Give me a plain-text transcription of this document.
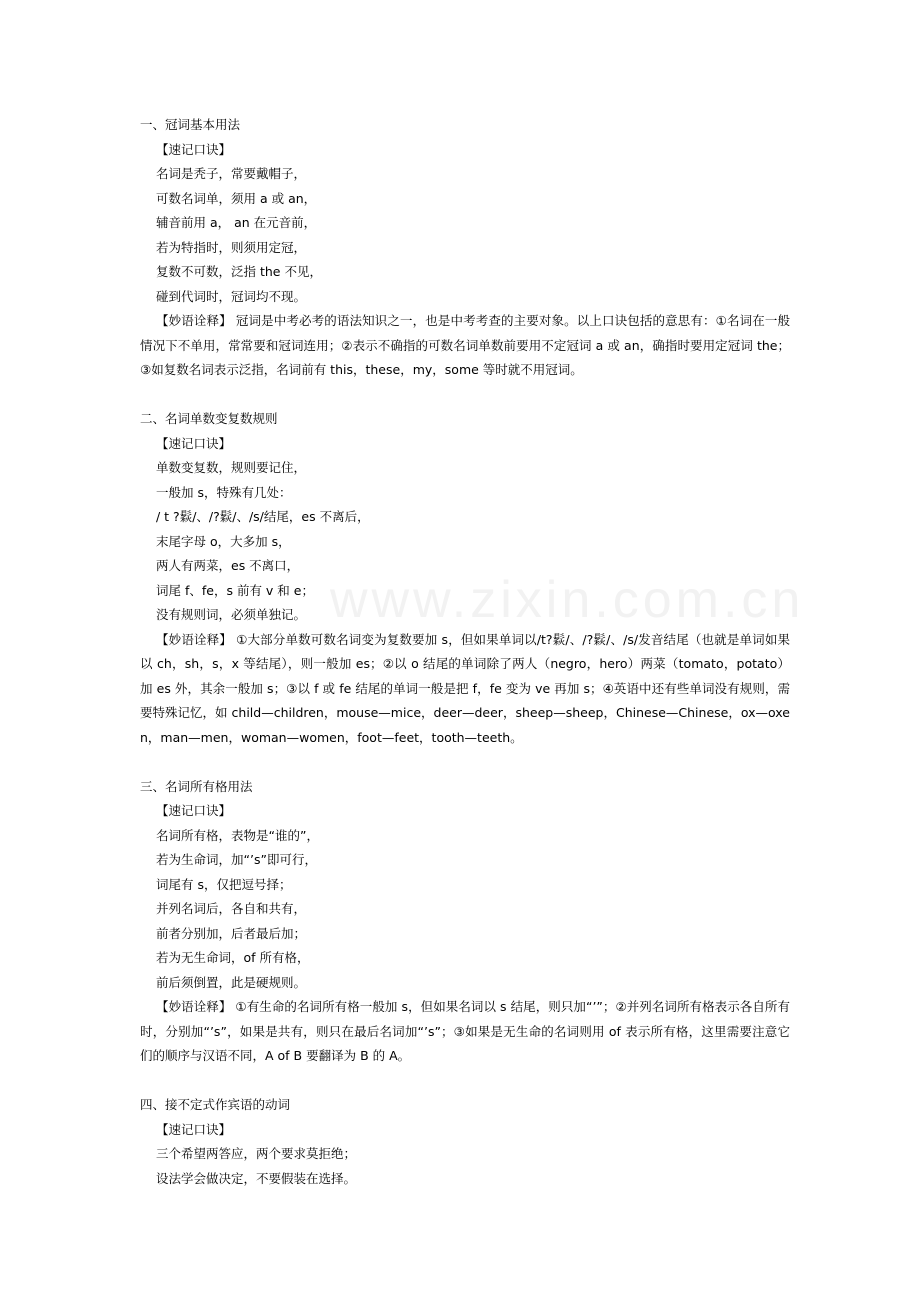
www.zixin.com.cn
一、冠词基本用法
【速记口诀】
名词是秃子，常要戴帽子，
可数名词单，须用 a 或 an，
辅音前用 a， an 在元音前，
若为特指时，则须用定冠，
复数不可数，泛指 the 不见，
碰到代词时，冠词均不现。
【妙语诠释】 冠词是中考必考的语法知识之一，也是中考考查的主要对象。以上口诀包括的意思有：①名词在一般情况下不单用，常常要和冠词连用；②表示不确指的可数名词单数前要用不定冠词 a 或 an，确指时要用定冠词 the；③如复数名词表示泛指，名词前有 this，these，my，some 等时就不用冠词。
二、名词单数变复数规则
【速记口诀】
单数变复数，规则要记住，
一般加 s，特殊有几处：
/ t ?鬏/、/?鬏/、/s/结尾，es 不离后，
末尾字母 o，大多加 s，
两人有两菜，es 不离口，
词尾 f、fe，s 前有 v 和 e；
没有规则词，必须单独记。
【妙语诠释】 ①大部分单数可数名词变为复数要加 s，但如果单词以/t?鬏/、/?鬏/、/s/发音结尾（也就是单词如果以 ch，sh，s，x 等结尾），则一般加 es；②以 o 结尾的单词除了两人（negro，hero）两菜（tomato，potato）加 es 外，其余一般加 s；③以 f 或 fe 结尾的单词一般是把 f，fe 变为 ve 再加 s；④英语中还有些单词没有规则，需要特殊记忆，如 child—children，mouse—mice，deer—deer，sheep—sheep，Chinese—Chinese，ox—oxen，man—men，woman—women，foot—feet，tooth—teeth。
三、名词所有格用法
【速记口诀】
名词所有格，表物是“谁的”，
若为生命词，加“’s”即可行，
词尾有 s，仅把逗号择；
并列名词后，各自和共有，
前者分别加，后者最后加；
若为无生命词，of 所有格，
前后须倒置，此是硬规则。
【妙语诠释】 ①有生命的名词所有格一般加 s，但如果名词以 s 结尾，则只加“’”；②并列名词所有格表示各自所有时，分别加“’s”，如果是共有，则只在最后名词加“’s”；③如果是无生命的名词则用 of 表示所有格，这里需要注意它们的顺序与汉语不同，A of B 要翻译为 B 的 A。
四、接不定式作宾语的动词
【速记口诀】
三个希望两答应，两个要求莫拒绝；
设法学会做决定，不要假装在选择。
